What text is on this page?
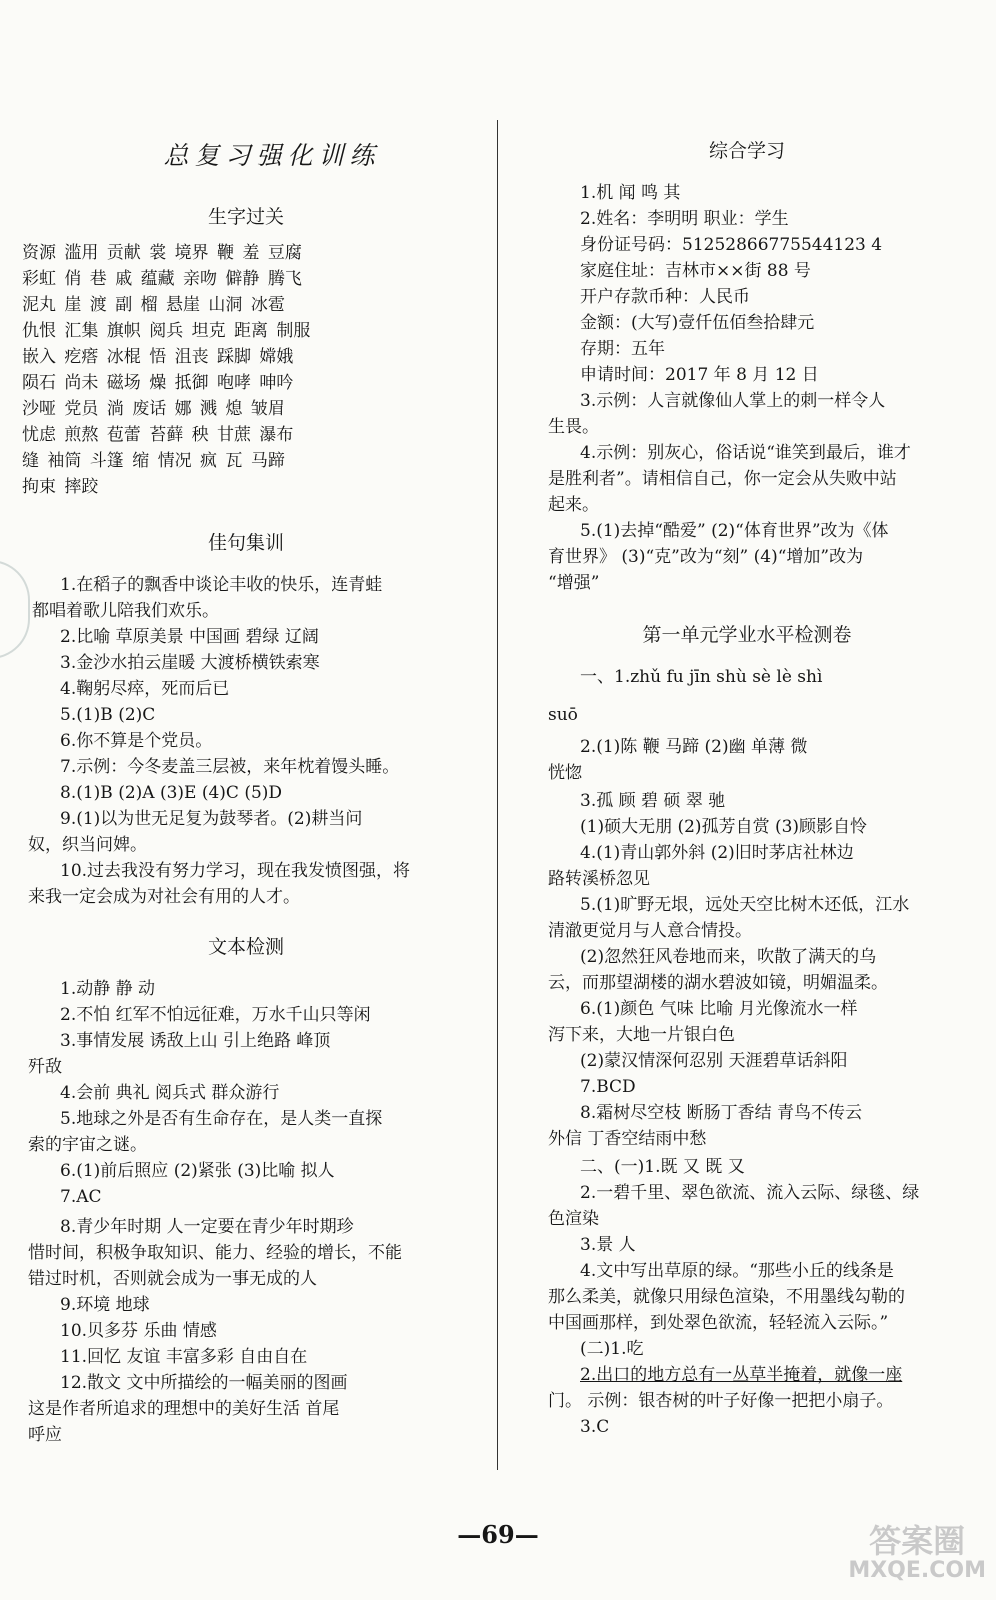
总复习强化训练
生字过关
资源 滥用 贡献 裳 境界 鞭 羞 豆腐
彩虹 俏 巷 戚 蕴藏 亲吻 僻静 腾飞
泥丸 崖 渡 副 榴 悬崖 山洞 冰雹
仇恨 汇集 旗帜 阅兵 坦克 距离 制服
嵌入 疙瘩 冰棍 悟 沮丧 踩脚 嫦娥
陨石 尚未 磁场 燥 抵御 咆哮 呻吟
沙哑 党员 淌 废话 娜 溅 熄 皱眉
忧虑 煎熬 苞蕾 苔藓 秧 甘蔗 瀑布
缝 袖筒 斗篷 缩 情况 疯 瓦 马蹄
拘束 摔跤
佳句集训
1.在稻子的飘香中谈论丰收的快乐，连青蛙
都唱着歌儿陪我们欢乐。
2.比喻 草原美景 中国画 碧绿 辽阔
3.金沙水拍云崖暖 大渡桥横铁索寒
4.鞠躬尽瘁，死而后已
5.(1)B (2)C
6.你不算是个党员。
7.示例：今冬麦盖三层被，来年枕着馒头睡。
8.(1)B (2)A (3)E (4)C (5)D
9.(1)以为世无足复为鼓琴者。(2)耕当问
奴，织当问婢。
10.过去我没有努力学习，现在我发愤图强，将
来我一定会成为对社会有用的人才。
文本检测
1.动静 静 动
2.不怕 红军不怕远征难，万水千山只等闲
3.事情发展 诱敌上山 引上绝路 峰顶
歼敌
4.会前 典礼 阅兵式 群众游行
5.地球之外是否有生命存在，是人类一直探
索的宇宙之谜。
6.(1)前后照应 (2)紧张 (3)比喻 拟人
7.AC
8.青少年时期 人一定要在青少年时期珍
惜时间，积极争取知识、能力、经验的增长，不能
错过时机，否则就会成为一事无成的人
9.环境 地球
10.贝多芬 乐曲 情感
11.回忆 友谊 丰富多彩 自由自在
12.散文 文中所描绘的一幅美丽的图画
这是作者所追求的理想中的美好生活 首尾
呼应
综合学习
1.机 闻 鸣 其
2.姓名：李明明 职业：学生
身份证号码：51252866775544123 4
家庭住址：吉林市××街 88 号
开户存款币种：人民币
金额：(大写)壹仟伍佰叁拾肆元
存期：五年
申请时间：2017 年 8 月 12 日
3.示例：人言就像仙人掌上的刺一样令人
生畏。
4.示例：别灰心，俗话说“谁笑到最后，谁才
是胜利者”。请相信自己，你一定会从失败中站
起来。
5.(1)去掉“酷爱” (2)“体育世界”改为《体
育世界》 (3)“克”改为“刻” (4)“增加”改为
“增强”
第一单元学业水平检测卷
一、1.zhǔ fu jīn shù sè lè shì
suō
2.(1)陈 鞭 马蹄 (2)幽 单薄 微
恍惚
3.孤 顾 碧 硕 翠 驰
(1)硕大无朋 (2)孤芳自赏 (3)顾影自怜
4.(1)青山郭外斜 (2)旧时茅店社林边
路转溪桥忽见
5.(1)旷野无垠，远处天空比树木还低，江水
清澈更觉月与人意合情投。
(2)忽然狂风卷地而来，吹散了满天的乌
云，而那望湖楼的湖水碧波如镜，明媚温柔。
6.(1)颜色 气味 比喻 月光像流水一样
泻下来，大地一片银白色
(2)蒙汉情深何忍别 天涯碧草话斜阳
7.BCD
8.霜树尽空枝 断肠丁香结 青鸟不传云
外信 丁香空结雨中愁
二、(一)1.既 又 既 又
2.一碧千里、翠色欲流、流入云际、绿毯、绿
色渲染
3.景 人
4.文中写出草原的绿。“那些小丘的线条是
那么柔美，就像只用绿色渲染，不用墨线勾勒的
中国画那样，到处翠色欲流，轻轻流入云际。”
(二)1.吃
2.出口的地方总有一丛草半掩着，就像一座
门。 示例：银杏树的叶子好像一把把小扇子。
3.C
—69—	答案圈
MXQE.COM
